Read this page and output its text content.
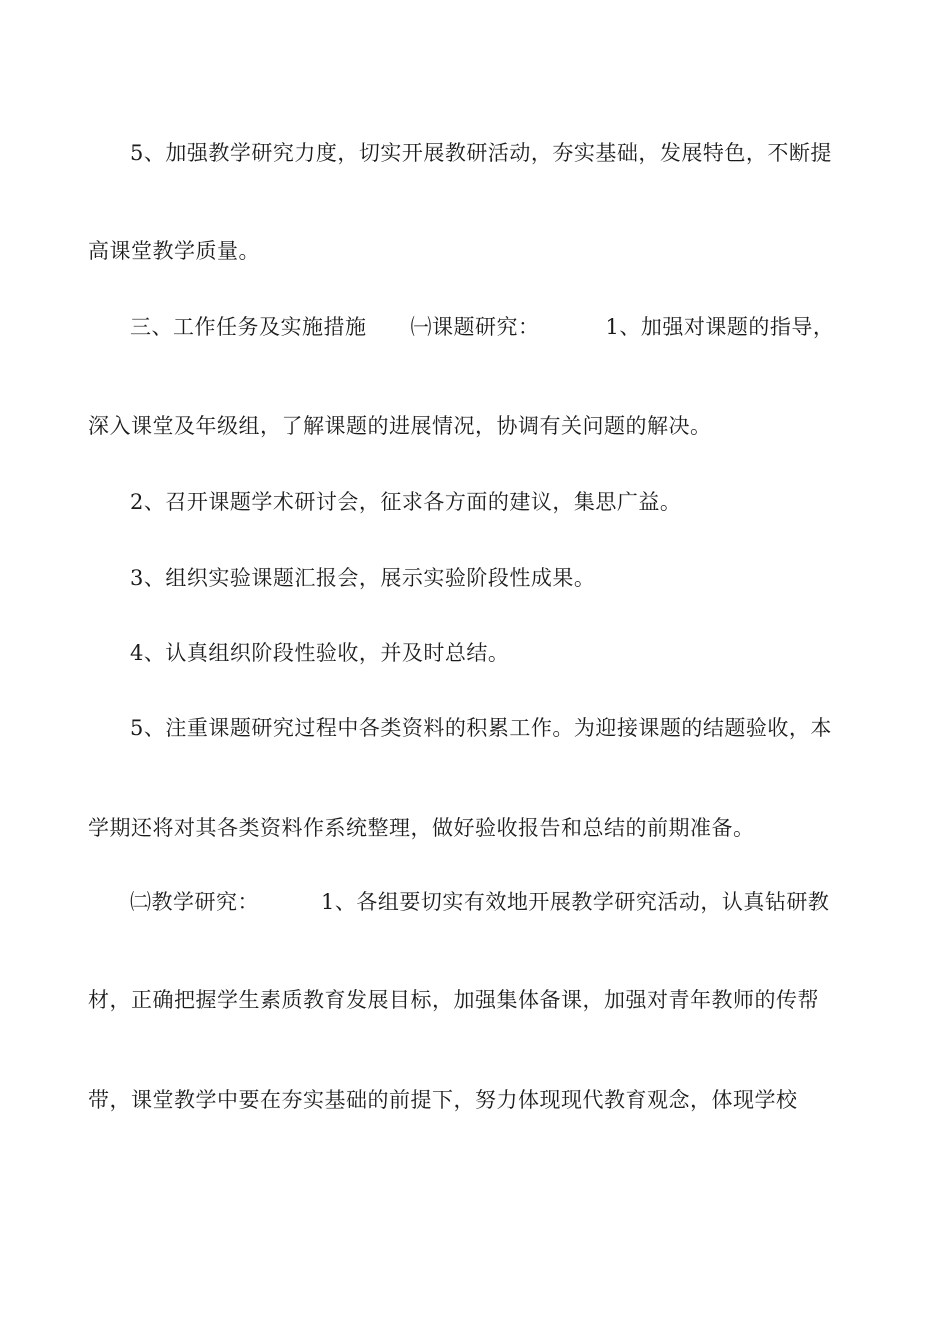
5、加强教学研究力度，切实开展教研活动，夯实基础，发展特色，不断提
高课堂教学质量。
三、工作任务及实施措施 ㈠课题研究：	1、加强对课题的指导，
深入课堂及年级组，了解课题的进展情况，协调有关问题的解决。
2、召开课题学术研讨会，征求各方面的建议，集思广益。
3、组织实验课题汇报会，展示实验阶段性成果。
4、认真组织阶段性验收，并及时总结。
5、注重课题研究过程中各类资料的积累工作。为迎接课题的结题验收，本
学期还将对其各类资料作系统整理，做好验收报告和总结的前期准备。
㈡教学研究：	1、各组要切实有效地开展教学研究活动，认真钻研教
材，正确把握学生素质教育发展目标，加强集体备课，加强对青年教师的传帮
带，课堂教学中要在夯实基础的前提下，努力体现现代教育观念，体现学校
